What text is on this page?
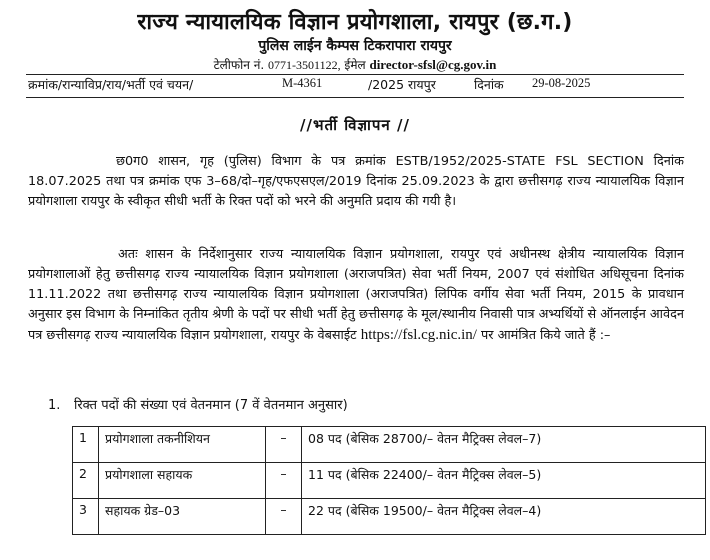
राज्य न्यायालयिक विज्ञान प्रयोगशाला, रायपुर (छ.ग.)
पुलिस लाईन कैम्पस टिकरापारा रायपुर
टेलीफोन नं. 0771-3501122, ईमेल director-sfsl@cg.gov.in
क्रमांक/रान्याविप्र/राय/भर्ती एवं चयन/	M-4361	/2025 रायपुर	दिनांक 29-08-2025
//भर्ती विज्ञापन //
छ0ग0 शासन, गृह (पुलिस) विभाग के पत्र क्रमांक ESTB/1952/2025-STATE FSL SECTION दिनांक 18.07.2025 तथा पत्र क्रमांक एफ 3–68/दो–गृह/एफएसएल/2019 दिनांक 25.09.2023 के द्वारा छत्तीसगढ़ राज्य न्यायालयिक विज्ञान प्रयोगशाला रायपुर के स्वीकृत सीधी भर्ती के रिक्त पदों को भरने की अनुमति प्रदाय की गयी है।
अतः शासन के निर्देशानुसार राज्य न्यायालयिक विज्ञान प्रयोगशाला, रायपुर एवं अधीनस्थ क्षेत्रीय न्यायालयिक विज्ञान प्रयोगशालाओं हेतु छत्तीसगढ़ राज्य न्यायालयिक विज्ञान प्रयोगशाला (अराजपत्रित) सेवा भर्ती नियम, 2007 एवं संशोधित अधिसूचना दिनांक 11.11.2022 तथा छत्तीसगढ़ राज्य न्यायालयिक विज्ञान प्रयोगशाला (अराजपत्रित) लिपिक वर्गीय सेवा भर्ती नियम, 2015 के प्रावधान अनुसार इस विभाग के निम्नांकित तृतीय श्रेणी के पदों पर सीधी भर्ती हेतु छत्तीसगढ़ के मूल/स्थानीय निवासी पात्र अभ्यर्थियों से ऑनलाईन आवेदन पत्र छत्तीसगढ़ राज्य न्यायालयिक विज्ञान प्रयोगशाला, रायपुर के वेबसाईट https://fsl.cg.nic.in/ पर आमंत्रित किये जाते हैं :–
1. रिक्त पदों की संख्या एवं वेतनमान (7 वें वेतनमान अनुसार)
1	प्रयोगशाला तकनीशियन	–	08 पद (बेसिक 28700/– वेतन मैट्रिक्स लेवल–7)
2	प्रयोगशाला सहायक	–	11 पद (बेसिक 22400/– वेतन मैट्रिक्स लेवल–5)
3	सहायक ग्रेड–03	–	22 पद (बेसिक 19500/– वेतन मैट्रिक्स लेवल–4)
